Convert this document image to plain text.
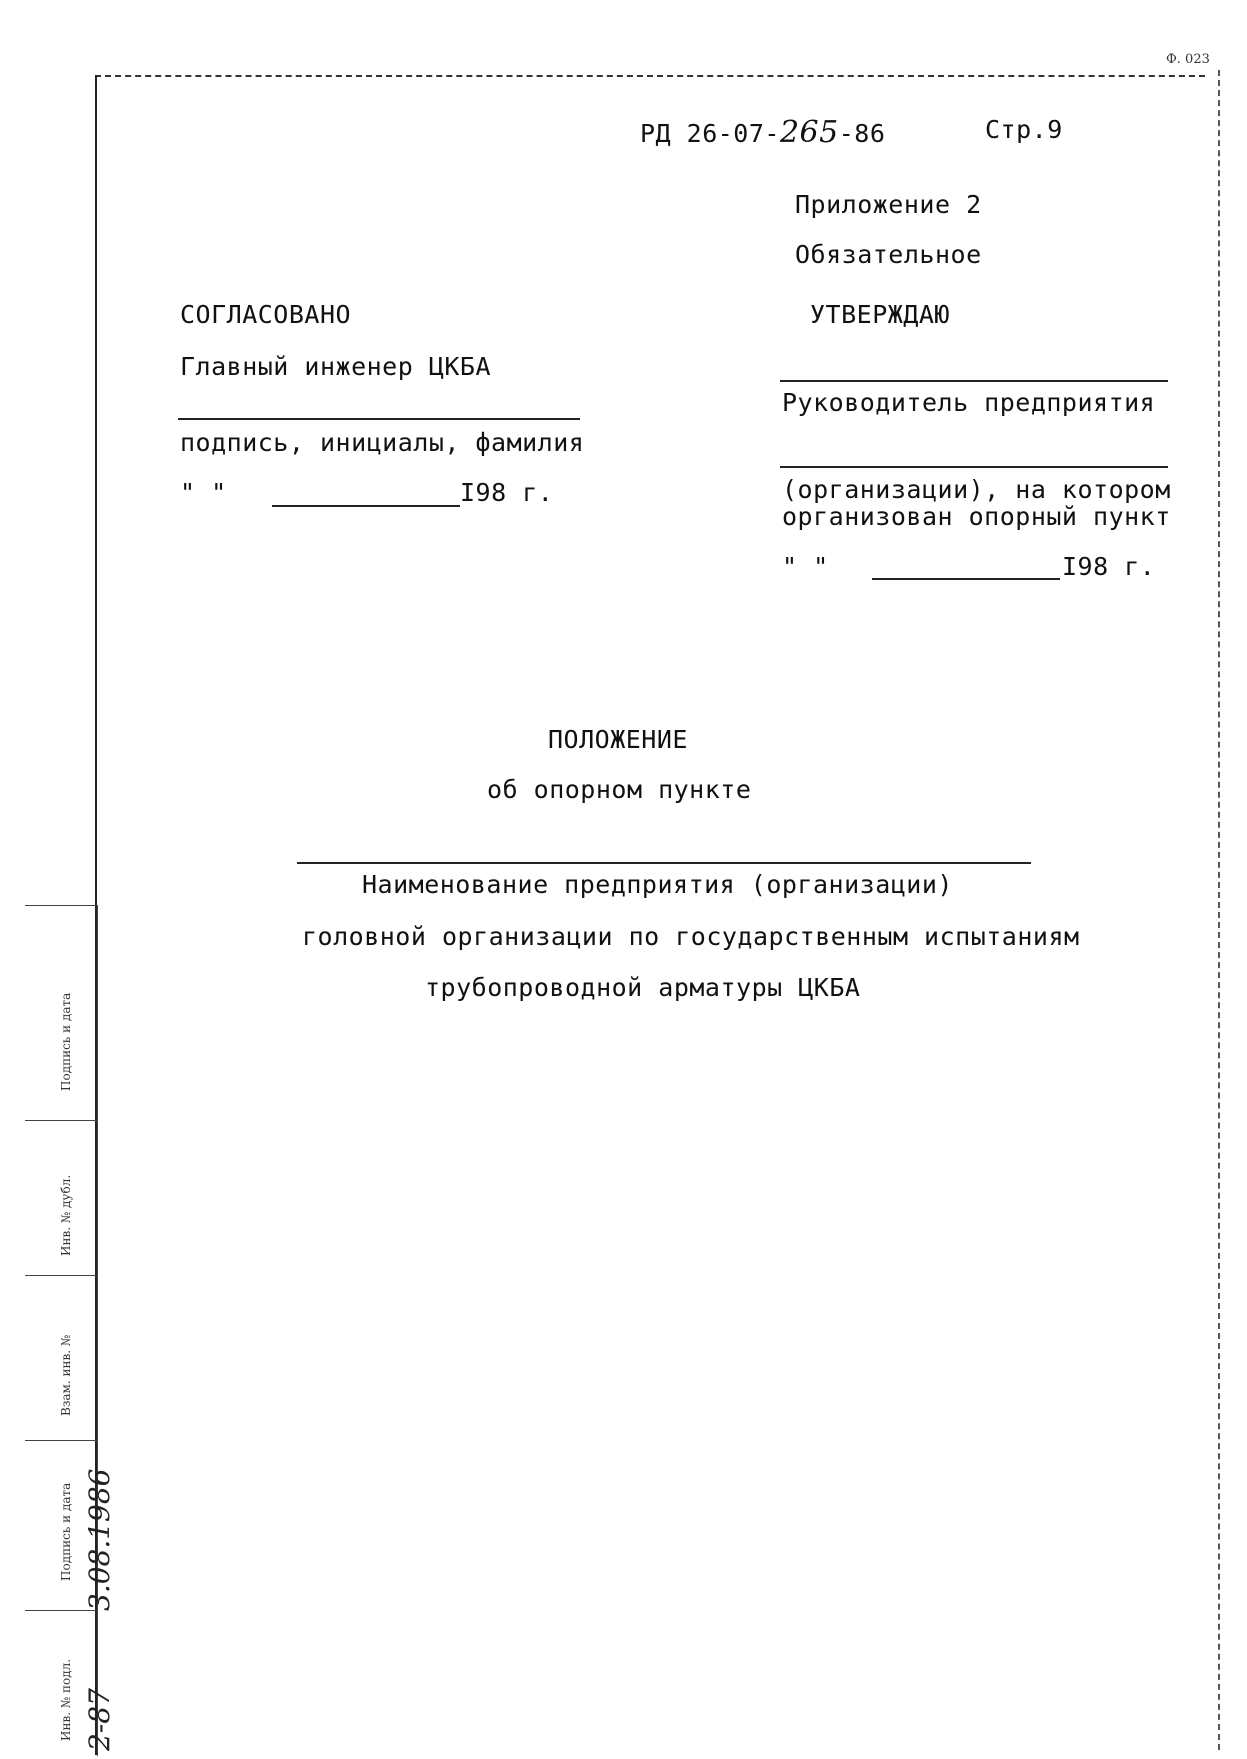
Ф. 023
РД 26-07-265-86	Стр.9
Приложение 2
Обязательное
СОГЛАСОВАНО
Главный инженер ЦКБА
подпись, инициалы, фамилия
" "	I98 г.
УТВЕРЖДАЮ
Руководитель предприятия
(организации), на котором
организован опорный пункт
" "	I98 г.
ПОЛОЖЕНИЕ
об опорном пункте
Наименование предприятия (организации)
головной организации по государственным испытаниям
трубопроводной арматуры ЦКБА
Подпись и дата
Инв. № дубл.
Взам. инв. №
Подпись и дата 3.08.1986
Инв. № подл. 2-87
